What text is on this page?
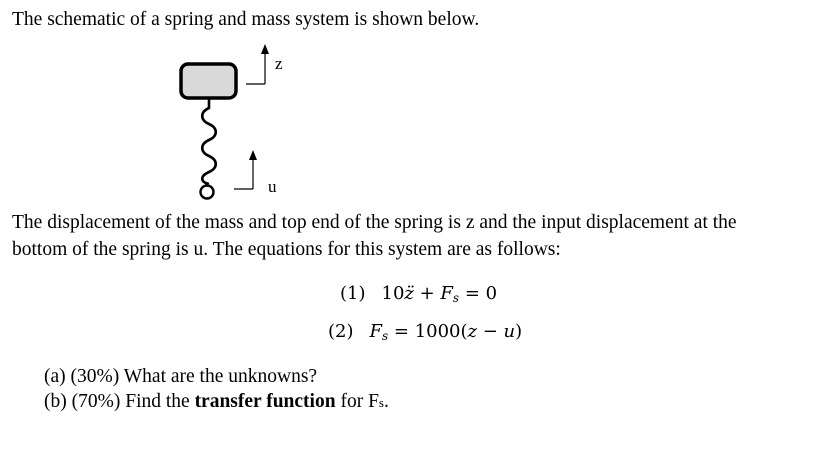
The schematic of a spring and mass system is shown below.
z
u
The displacement of the mass and top end of the spring is z and the input displacement at the
bottom of the spring is u. The equations for this system are as follows:
(1) 10z̈ + $F_s = 0$
(2) $F_s = 1000(z - u)$
(a) (30%) What are the unknowns?
(b) (70%) Find the transfer function for Fs.
